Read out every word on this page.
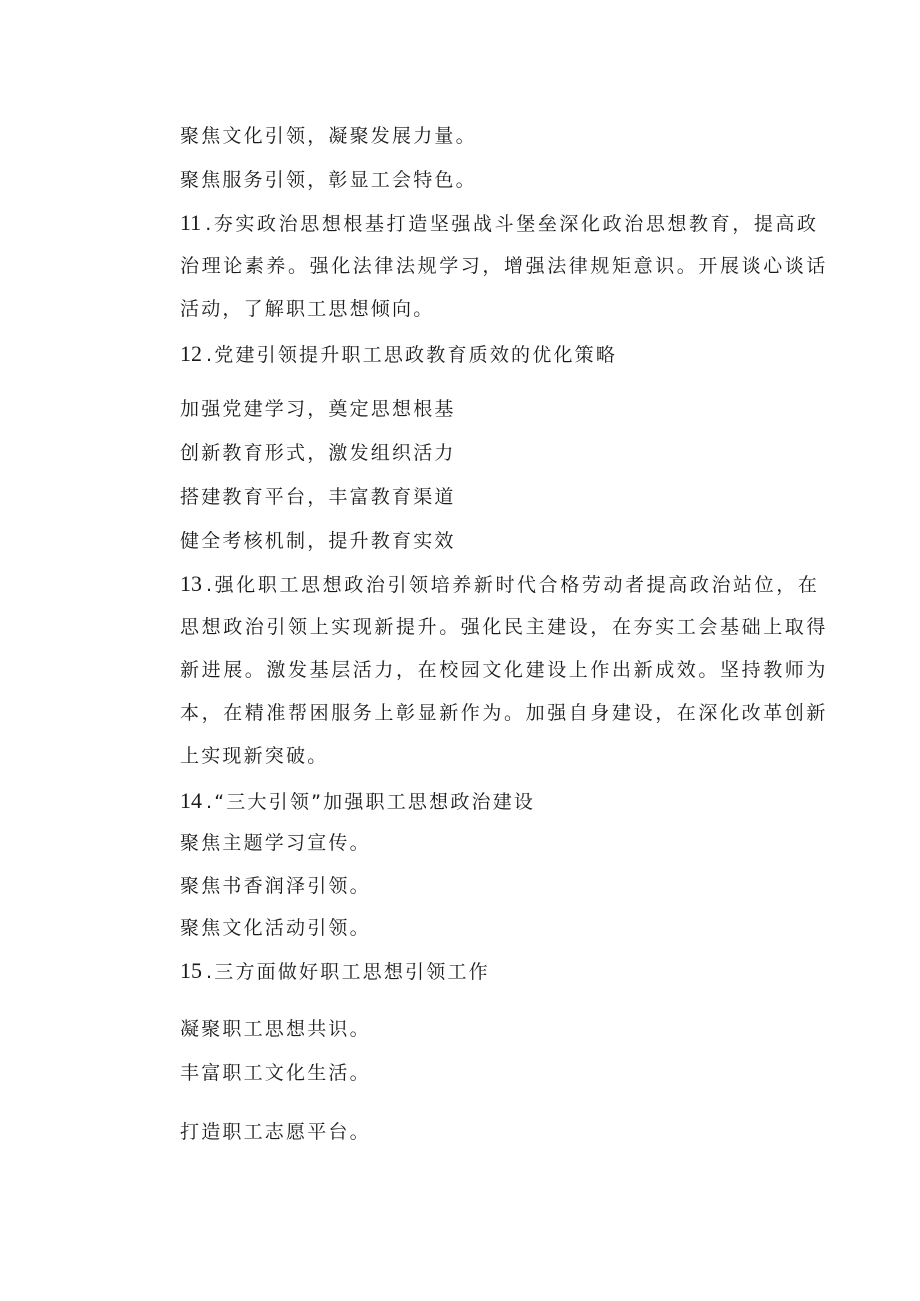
聚焦文化引领，凝聚发展力量。
聚焦服务引领，彰显工会特色。
11 .夯实政治思想根基打造坚强战斗堡垒深化政治思想教育，提高政
治理论素养。强化法律法规学习，增强法律规矩意识。开展谈心谈话
活动，了解职工思想倾向。
12 .党建引领提升职工思政教育质效的优化策略
加强党建学习，奠定思想根基
创新教育形式，激发组织活力
搭建教育平台，丰富教育渠道
健全考核机制，提升教育实效
13 .强化职工思想政治引领培养新时代合格劳动者提高政治站位，在
思想政治引领上实现新提升。强化民主建设，在夯实工会基础上取得
新进展。激发基层活力，在校园文化建设上作出新成效。坚持教师为
本，在精准帮困服务上彰显新作为。加强自身建设，在深化改革创新
上实现新突破。
14 .“三大引领”加强职工思想政治建设
聚焦主题学习宣传。
聚焦书香润泽引领。
聚焦文化活动引领。
15 .三方面做好职工思想引领工作
凝聚职工思想共识。
丰富职工文化生活。
打造职工志愿平台。
